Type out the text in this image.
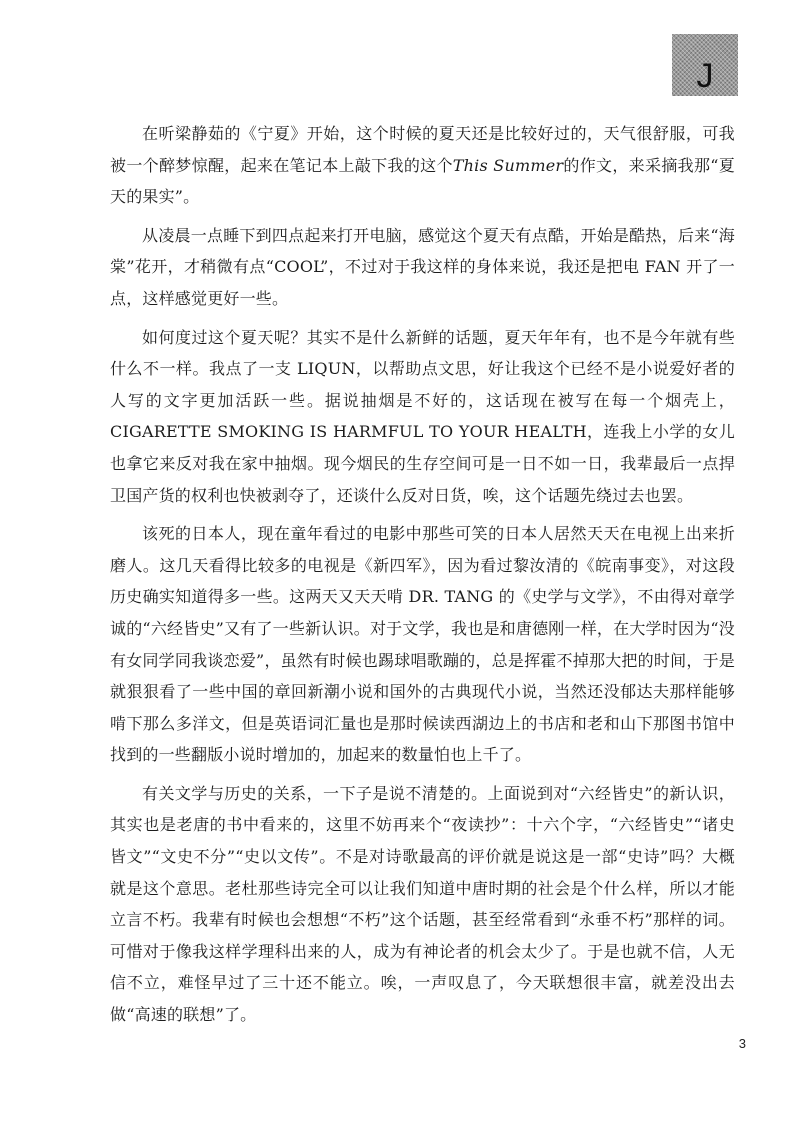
J

在听梁静茹的《宁夏》开始，这个时候的夏天还是比较好过的，天气很舒服，可我被一个醉梦惊醒，起来在笔记本上敲下我的这个This Summer的作文，来采摘我那“夏天的果实”。

从凌晨一点睡下到四点起来打开电脑，感觉这个夏天有点酷，开始是酷热，后来“海棠”花开，才稍微有点“COOL”，不过对于我这样的身体来说，我还是把电 FAN 开了一点，这样感觉更好一些。

如何度过这个夏天呢？其实不是什么新鲜的话题，夏天年年有，也不是今年就有些什么不一样。我点了一支 LIQUN，以帮助点文思，好让我这个已经不是小说爱好者的人写的文字更加活跃一些。据说抽烟是不好的，这话现在被写在每一个烟壳上，CIGARETTE SMOKING IS HARMFUL TO YOUR HEALTH，连我上小学的女儿也拿它来反对我在家中抽烟。现今烟民的生存空间可是一日不如一日，我辈最后一点捍卫国产货的权利也快被剥夺了，还谈什么反对日货，唉，这个话题先绕过去也罢。

该死的日本人，现在童年看过的电影中那些可笑的日本人居然天天在电视上出来折磨人。这几天看得比较多的电视是《新四军》，因为看过黎汝清的《皖南事变》，对这段历史确实知道得多一些。这两天又天天啃 DR. TANG 的《史学与文学》，不由得对章学诚的“六经皆史”又有了一些新认识。对于文学，我也是和唐德刚一样，在大学时因为“没有女同学同我谈恋爱”，虽然有时候也踢球唱歌蹦的，总是挥霍不掉那大把的时间，于是就狠狠看了一些中国的章回新潮小说和国外的古典现代小说，当然还没郁达夫那样能够啃下那么多洋文，但是英语词汇量也是那时候读西湖边上的书店和老和山下那图书馆中找到的一些翻版小说时增加的，加起来的数量怕也上千了。

有关文学与历史的关系，一下子是说不清楚的。上面说到对“六经皆史”的新认识，其实也是老唐的书中看来的，这里不妨再来个“夜读抄”：十六个字，“六经皆史”“诸史皆文”“文史不分”“史以文传”。不是对诗歌最高的评价就是说这是一部“史诗”吗？大概就是这个意思。老杜那些诗完全可以让我们知道中唐时期的社会是个什么样，所以才能立言不朽。我辈有时候也会想想“不朽”这个话题，甚至经常看到“永垂不朽”那样的词。可惜对于像我这样学理科出来的人，成为有神论者的机会太少了。于是也就不信，人无信不立，难怪早过了三十还不能立。唉，一声叹息了，今天联想很丰富，就差没出去做“高速的联想”了。

3
